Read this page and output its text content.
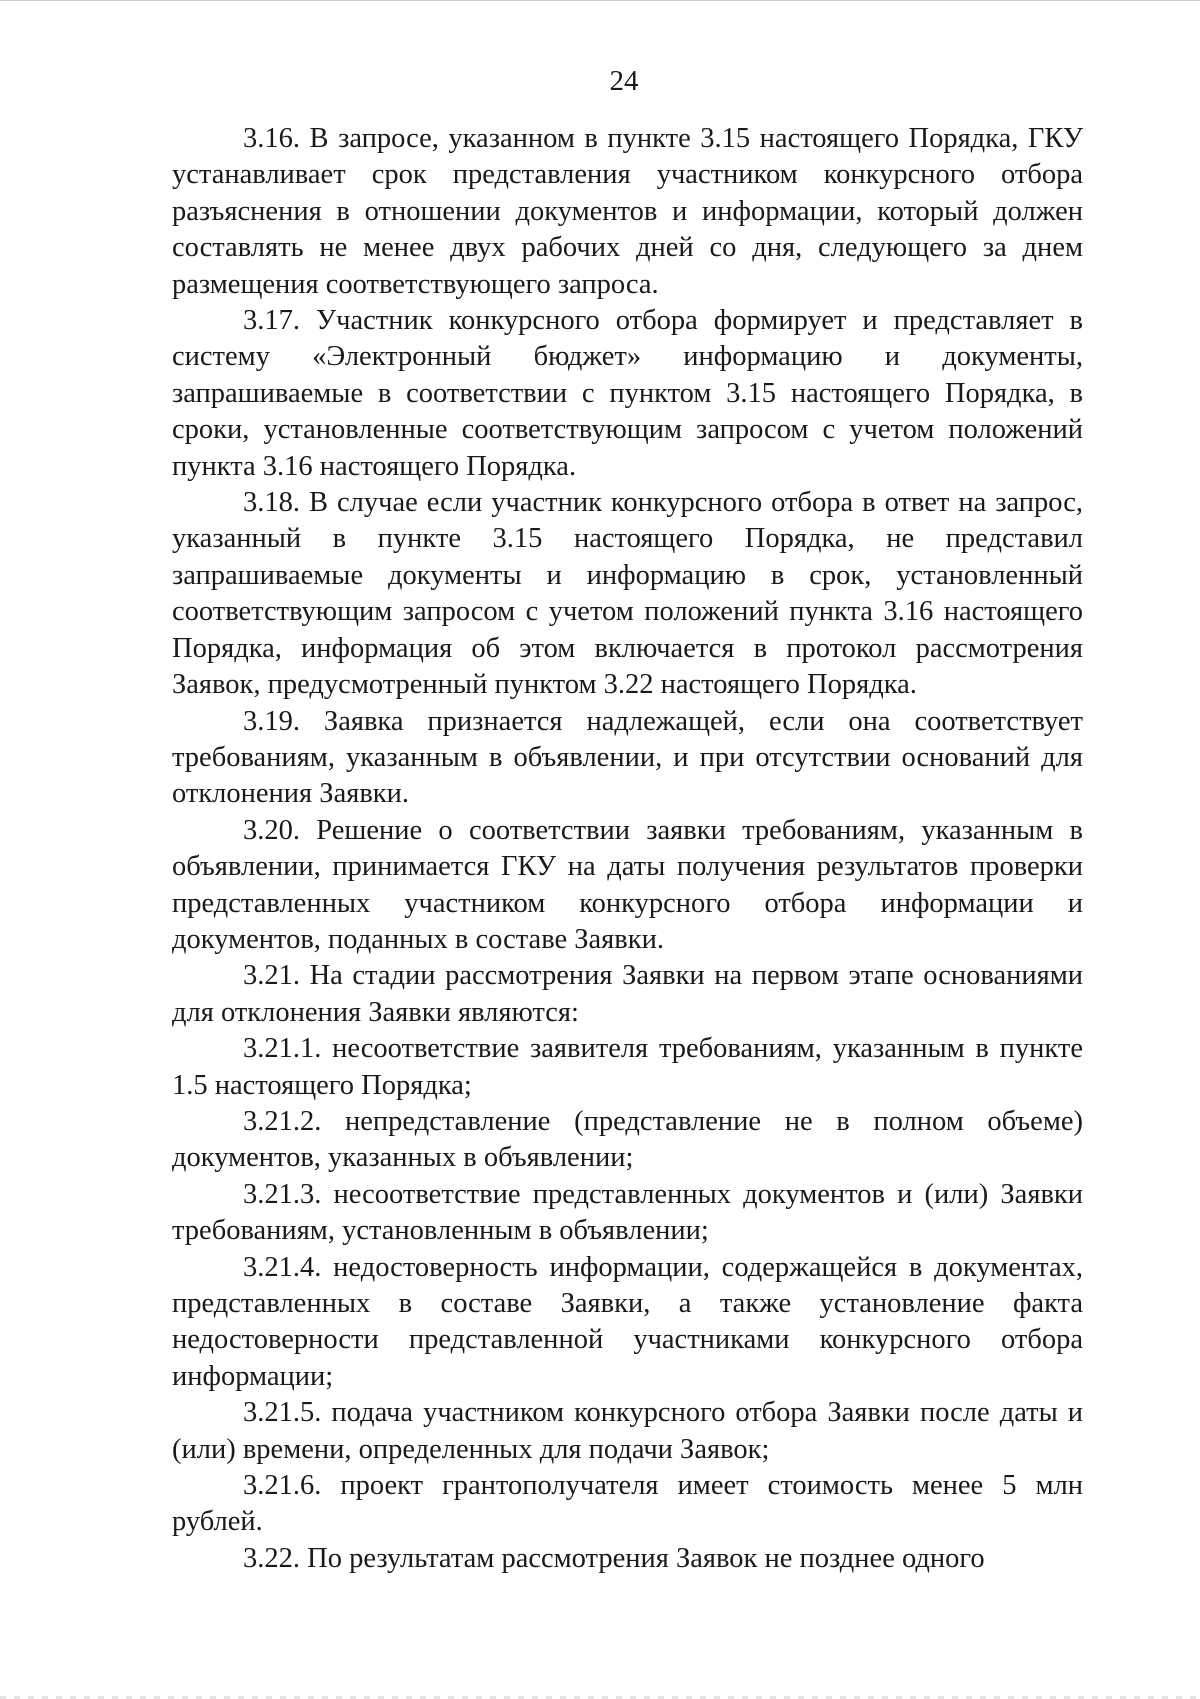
24

3.16. В запросе, указанном в пункте 3.15 настоящего Порядка, ГКУ устанавливает срок представления участником конкурсного отбора разъяснения в отношении документов и информации, который должен составлять не менее двух рабочих дней со дня, следующего за днем размещения соответствующего запроса.

3.17. Участник конкурсного отбора формирует и представляет в систему «Электронный бюджет» информацию и документы, запрашиваемые в соответствии с пунктом 3.15 настоящего Порядка, в сроки, установленные соответствующим запросом с учетом положений пункта 3.16 настоящего Порядка.

3.18. В случае если участник конкурсного отбора в ответ на запрос, указанный в пункте 3.15 настоящего Порядка, не представил запрашиваемые документы и информацию в срок, установленный соответствующим запросом с учетом положений пункта 3.16 настоящего Порядка, информация об этом включается в протокол рассмотрения Заявок, предусмотренный пунктом 3.22 настоящего Порядка.

3.19. Заявка признается надлежащей, если она соответствует требованиям, указанным в объявлении, и при отсутствии оснований для отклонения Заявки.

3.20. Решение о соответствии заявки требованиям, указанным в объявлении, принимается ГКУ на даты получения результатов проверки представленных участником конкурсного отбора информации и документов, поданных в составе Заявки.

3.21. На стадии рассмотрения Заявки на первом этапе основаниями для отклонения Заявки являются:

3.21.1. несоответствие заявителя требованиям, указанным в пункте 1.5 настоящего Порядка;

3.21.2. непредставление (представление не в полном объеме) документов, указанных в объявлении;

3.21.3. несоответствие представленных документов и (или) Заявки требованиям, установленным в объявлении;

3.21.4. недостоверность информации, содержащейся в документах, представленных в составе Заявки, а также установление факта недостоверности представленной участниками конкурсного отбора информации;

3.21.5. подача участником конкурсного отбора Заявки после даты и (или) времени, определенных для подачи Заявок;

3.21.6. проект грантополучателя имеет стоимость менее 5 млн рублей.

3.22. По результатам рассмотрения Заявок не позднее одного
